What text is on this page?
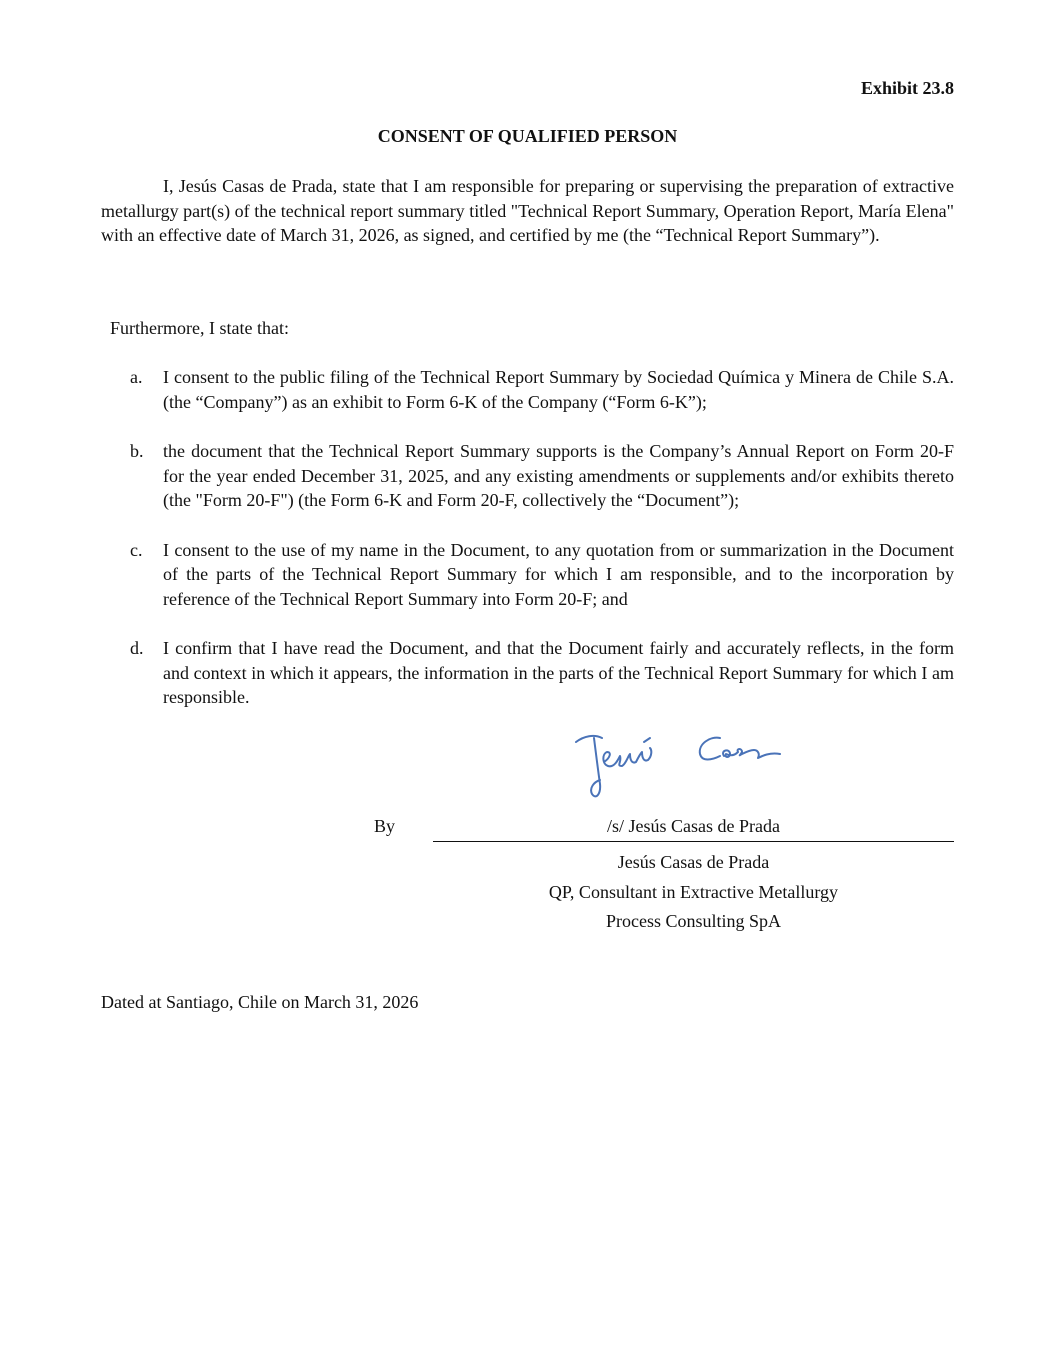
Exhibit 23.8
CONSENT OF QUALIFIED PERSON

I, Jesús Casas de Prada, state that I am responsible for preparing or supervising the preparation of extractive metallurgy part(s) of the technical report summary titled "Technical Report Summary, Operation Report, María Elena" with an effective date of March 31, 2026, as signed, and certified by me (the “Technical Report Summary”).

Furthermore, I state that:

a.	I consent to the public filing of the Technical Report Summary by Sociedad Química y Minera de Chile S.A. (the “Company”) as an exhibit to Form 6-K of the Company (“Form 6-K”);
b.	the document that the Technical Report Summary supports is the Company’s Annual Report on Form 20-F for the year ended December 31, 2025, and any existing amendments or supplements and/or exhibits thereto (the "Form 20-F") (the Form 6-K and Form 20-F, collectively the “Document”);
c.	I consent to the use of my name in the Document, to any quotation from or summarization in the Document of the parts of the Technical Report Summary for which I am responsible, and to the incorporation by reference of the Technical Report Summary into Form 20-F; and
d.	I confirm that I have read the Document, and that the Document fairly and accurately reflects, in the form and context in which it appears, the information in the parts of the Technical Report Summary for which I am responsible.
By	/s/ Jesús Casas de Prada
Jesús Casas de Prada
QP, Consultant in Extractive Metallurgy
Process Consulting SpA
Dated at Santiago, Chile on March 31, 2026
